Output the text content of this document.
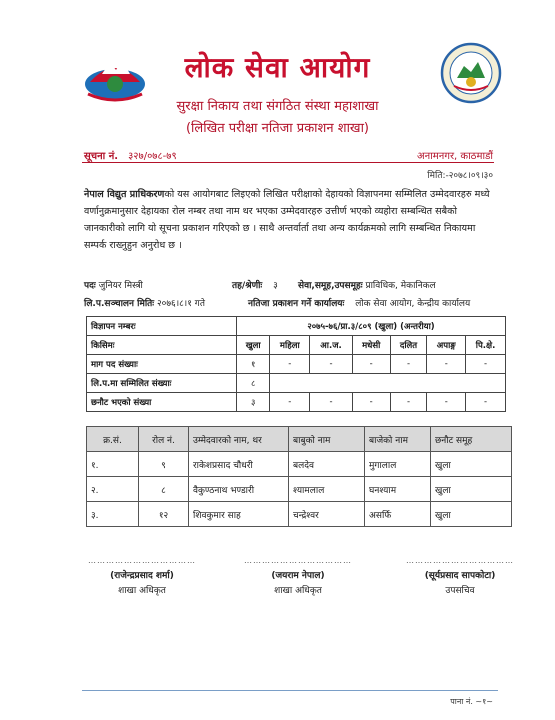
लोक सेवा आयोग
सुरक्षा निकाय तथा संगठित संस्था महाशाखा
(लिखित परीक्षा नतिजा प्रकाशन शाखा)
सूचना नं. ३२७/०७८-७९	अनामनगर, काठमाडौं
मिति:-२०७८।०९।३०
नेपाल विद्युत प्राधिकरणको यस आयोगबाट लिइएको लिखित परीक्षाको देहायको विज्ञापनमा सम्मिलित उम्मेदवारहरु मध्ये वर्णानुक्रमानुसार देहायका रोल नम्बर तथा नाम थर भएका उम्मेदवारहरु उत्तीर्ण भएको व्यहोरा सम्बन्धित सबैको जानकारीको लागि यो सूचना प्रकाशन गरिएको छ । साथै अन्तर्वार्ता तथा अन्य कार्यक्रमको लागि सम्बन्धित निकायमा सम्पर्क राख्नुहुन अनुरोध छ ।
पदः जुनियर मिस्त्री	तह/श्रेणीः ३ सेवा,समूह,उपसमूहः प्राविधिक, मेकानिकल
लि.प.सञ्चालन मितिः २०७६।८।१ गते	नतिजा प्रकाशन गर्ने कार्यालयः लोक सेवा आयोग, केन्द्रीय कार्यालय
विज्ञापन नम्बरः	२०७५-७६/प्रा.३/८०९ (खुला) (अन्तरीया)						
किसिमः	खुला	महिला	आ.ज.	मधेसी	दलित	अपाङ्ग	पि.क्षे.
माग पद संख्याः	१	-	-	-	-	-	-
लि.प.मा सम्मिलित संख्याः	८						
छनौट भएको संख्या	३	-	-	-	-	-	-
क्र.सं.	रोल नं.	उम्मेदवारको नाम, थर	बाबुको नाम	बाजेको नाम	छनौट समूह
१.	९	राकेशप्रसाद चौधरी	बलदेव	मुगालाल	खुला
२.	८	वैकुण्ठनाथ भण्डारी	श्यामलाल	घनश्याम	खुला
३.	१२	शिवकुमार साह	चन्द्रेश्वर	असर्फि	खुला
………………………………
(राजेन्द्रप्रसाद शर्मा)
शाखा अधिकृत
………………………………
(जयराम नेपाल)
शाखा अधिकृत
………………………………
(सूर्यप्रसाद सापकोटा)
उपसचिव
पाना नं. ~१~
